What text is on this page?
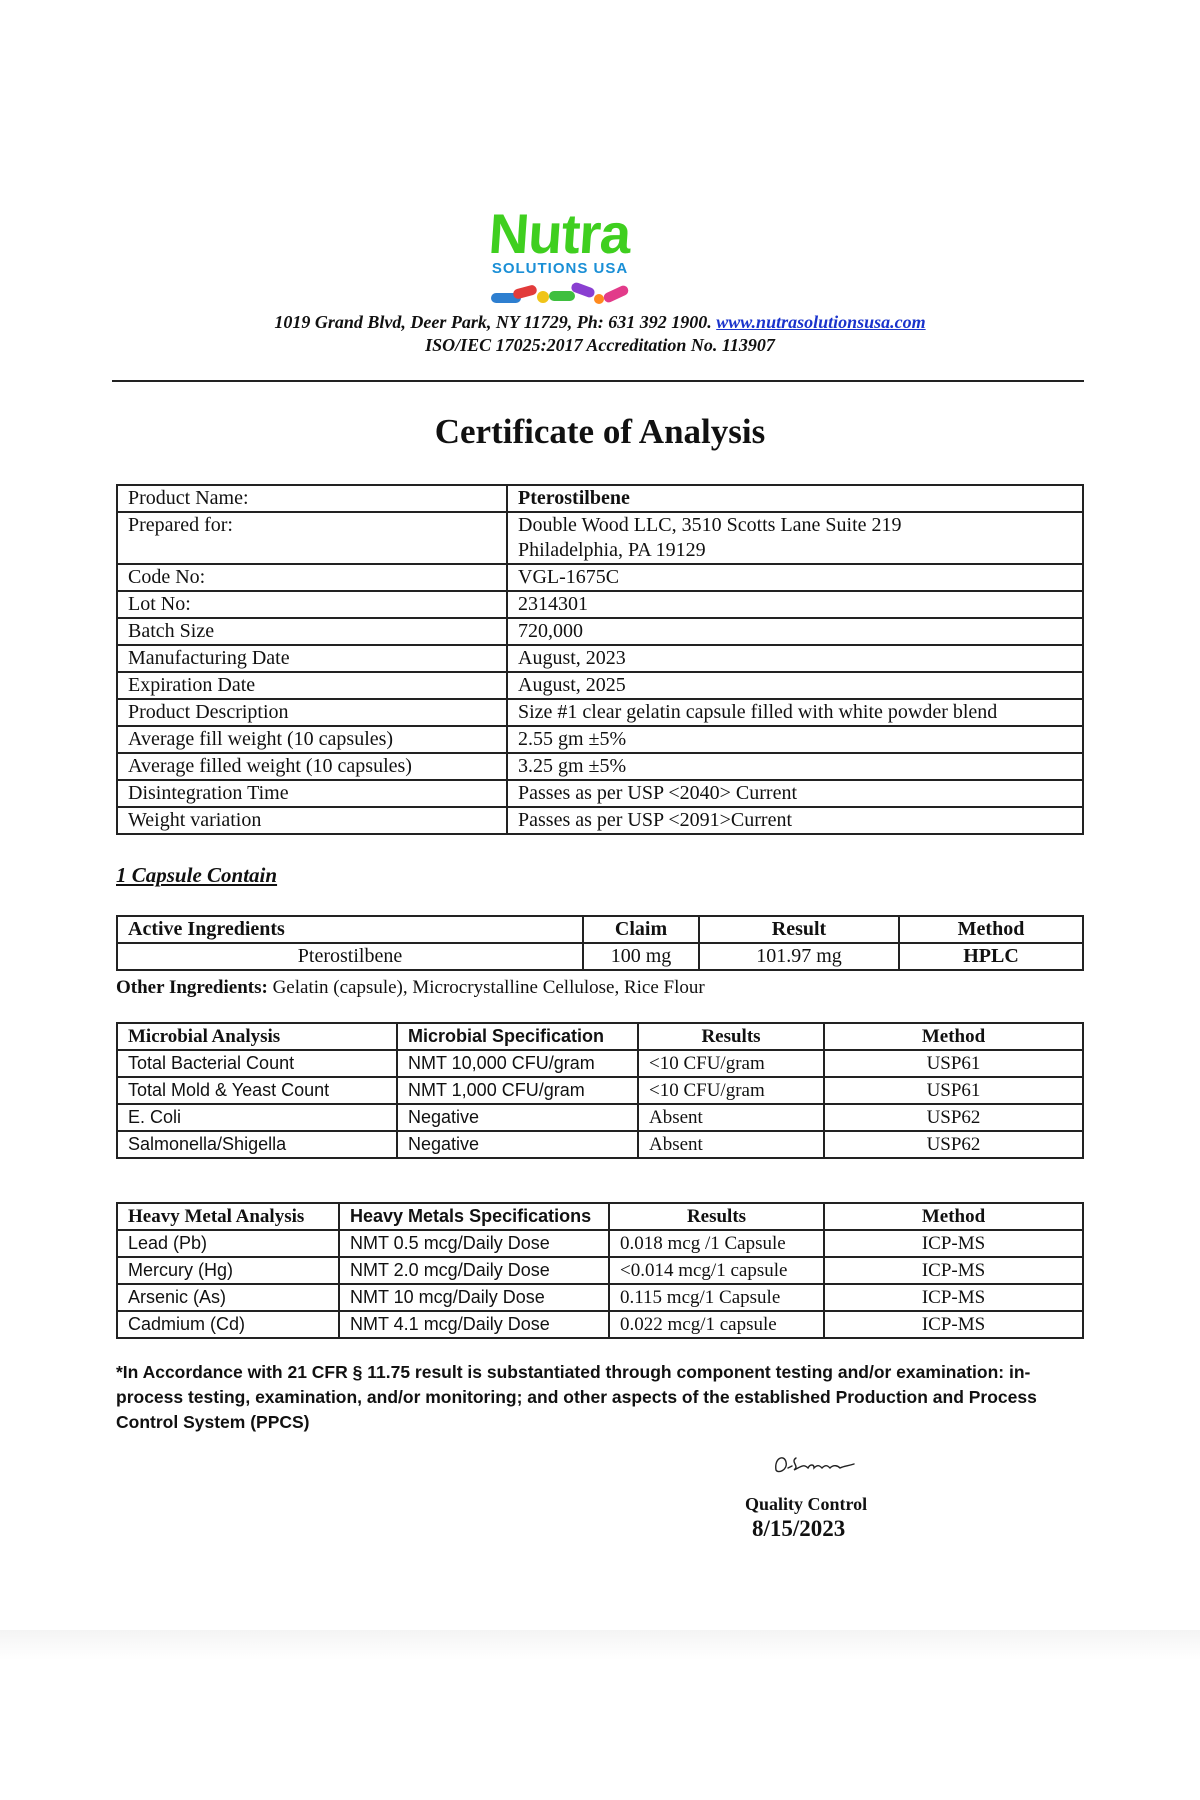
Nutra
SOLUTIONS USA
1019 Grand Blvd, Deer Park, NY 11729, Ph: 631 392 1900. www.nutrasolutionsusa.com
ISO/IEC 17025:2017 Accreditation No. 113907
Certificate of Analysis
Product Name:	Pterostilbene
Prepared for:	Double Wood LLC, 3510 Scotts Lane Suite 219
Philadelphia, PA 19129
Code No:	VGL-1675C
Lot No:	2314301
Batch Size	720,000
Manufacturing Date	August, 2023
Expiration Date	August, 2025
Product Description	Size #1 clear gelatin capsule filled with white powder blend
Average fill weight (10 capsules)	2.55 gm ±5%
Average filled weight (10 capsules)	3.25 gm ±5%
Disintegration Time	Passes as per USP <2040> Current
Weight variation	Passes as per USP <2091>Current
1 Capsule Contain
Active Ingredients	Claim	Result	Method
Pterostilbene	100 mg	101.97 mg	HPLC
Other Ingredients: Gelatin (capsule), Microcrystalline Cellulose, Rice Flour
Microbial Analysis	Microbial Specification	Results	Method
Total Bacterial Count	NMT 10,000 CFU/gram	<10 CFU/gram	USP61
Total Mold & Yeast Count	NMT 1,000 CFU/gram	<10 CFU/gram	USP61
E. Coli	Negative	Absent	USP62
Salmonella/Shigella	Negative	Absent	USP62
Heavy Metal Analysis	Heavy Metals Specifications	Results	Method
Lead (Pb)	NMT 0.5 mcg/Daily Dose	0.018 mcg /1 Capsule	ICP-MS
Mercury (Hg)	NMT 2.0 mcg/Daily Dose	<0.014 mcg/1 capsule	ICP-MS
Arsenic (As)	NMT 10 mcg/Daily Dose	0.115 mcg/1 Capsule	ICP-MS
Cadmium (Cd)	NMT 4.1 mcg/Daily Dose	0.022 mcg/1 capsule	ICP-MS
*In Accordance with 21 CFR § 11.75 result is substantiated through component testing and/or examination: in-process testing, examination, and/or monitoring; and other aspects of the established Production and Process Control System (PPCS)
Quality Control
8/15/2023
